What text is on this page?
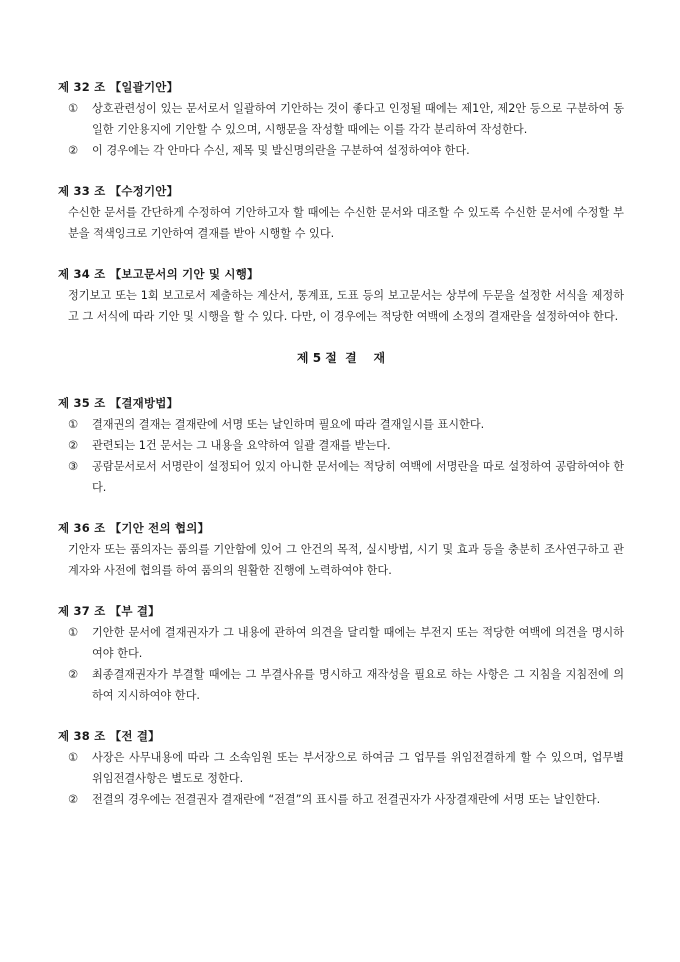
제 32 조 【일괄기안】
①	상호관련성이 있는 문서로서 일괄하여 기안하는 것이 좋다고 인정될 때에는 제1안, 제2안 등으로 구분하여 동일한 기안용지에 기안할 수 있으며, 시행문을 작성할 때에는 이를 각각 분리하여 작성한다.
②	이 경우에는 각 안마다 수신, 제목 및 발신명의란을 구분하여 설정하여야 한다.
제 33 조 【수정기안】
수신한 문서를 간단하게 수정하여 기안하고자 할 때에는 수신한 문서와 대조할 수 있도록 수신한 문서에 수정할 부분을 적색잉크로 기안하여 결재를 받아 시행할 수 있다.
제 34 조 【보고문서의 기안 및 시행】
정기보고 또는 1회 보고로서 제출하는 계산서, 통계표, 도표 등의 보고문서는 상부에 두문을 설정한 서식을 제정하고 그 서식에 따라 기안 및 시행을 할 수 있다. 다만, 이 경우에는 적당한 여백에 소정의 결재란을 설정하여야 한다.
제 5 절  결    재
제 35 조 【결재방법】
①	결재권의 결재는 결재란에 서명 또는 날인하며 필요에 따라 결재일시를 표시한다.
②	관련되는 1건 문서는 그 내용을 요약하여 일괄 결재를 받는다.
③	공람문서로서 서명란이 설정되어 있지 아니한 문서에는 적당히 여백에 서명란을 따로 설정하여 공람하여야 한다.
제 36 조 【기안 전의 협의】
기안자 또는 품의자는 품의를 기안함에 있어 그 안건의 목적, 실시방법, 시기 및 효과 등을 충분히 조사연구하고 관계자와 사전에 협의를 하여 품의의 원활한 진행에 노력하여야 한다.
제 37 조 【부 결】
①	기안한 문서에 결재권자가 그 내용에 관하여 의견을 달리할 때에는 부전지 또는 적당한 여백에 의견을 명시하여야 한다.
②	최종결재권자가 부결할 때에는 그 부결사유를 명시하고 재작성을 필요로 하는 사항은 그 지침을 지침전에 의하여 지시하여야 한다.
제 38 조 【전 결】
①	사장은 사무내용에 따라 그 소속임원 또는 부서장으로 하여금 그 업무를 위임전결하게 할 수 있으며, 업무별 위임전결사항은 별도로 정한다.
②	전결의 경우에는 전결권자 결재란에 “전결”의 표시를 하고 전결권자가 사장결재란에 서명 또는 날인한다.
